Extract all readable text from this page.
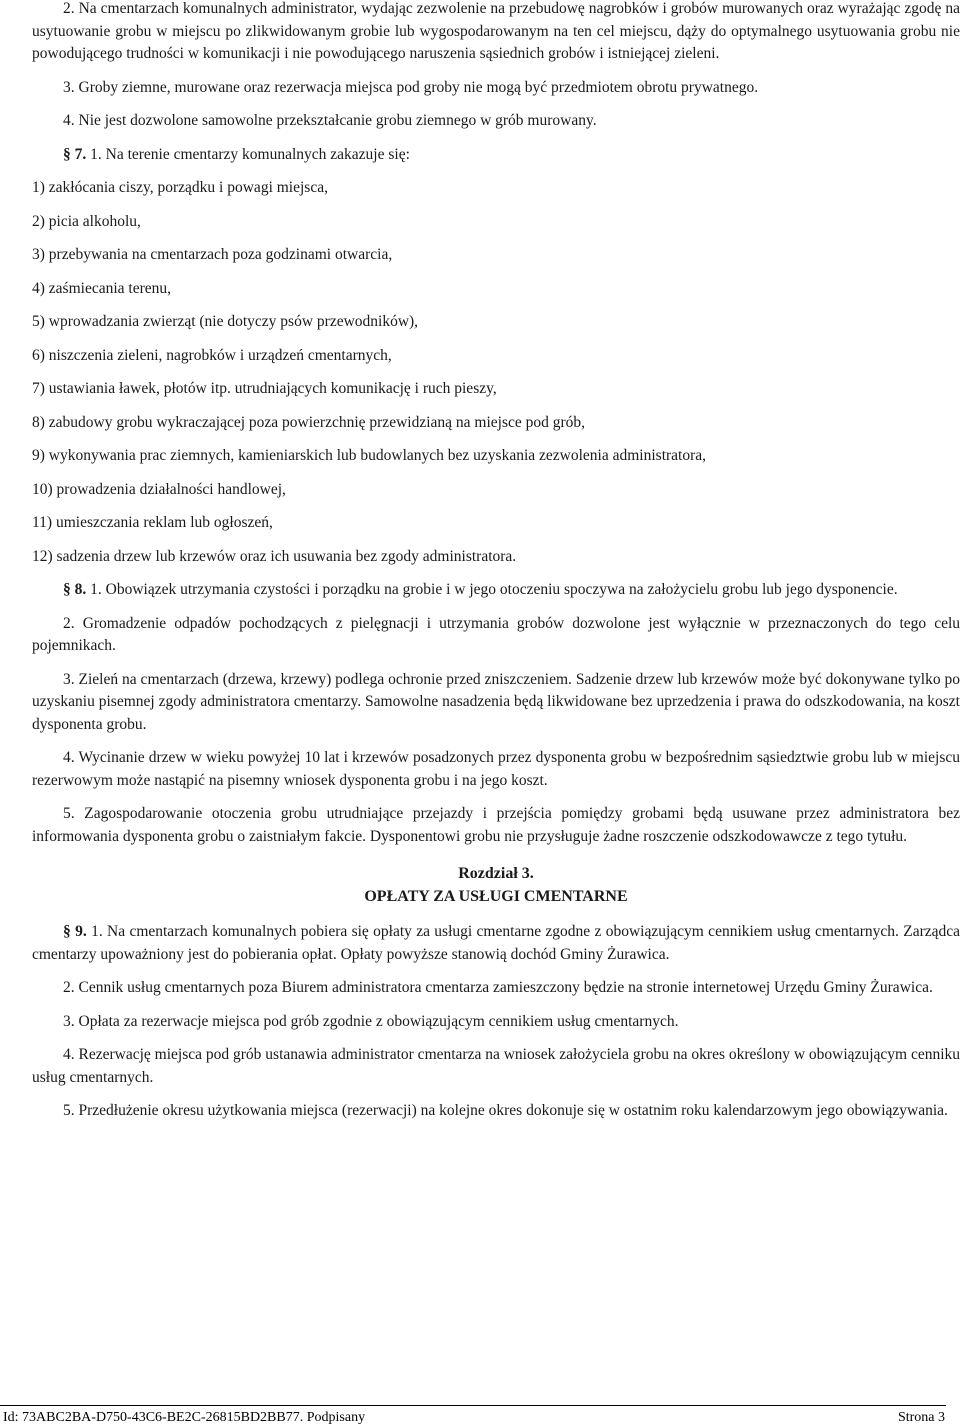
2. Na cmentarzach komunalnych administrator, wydając zezwolenie na przebudowę nagrobków i grobów murowanych oraz wyrażając zgodę na usytuowanie grobu w miejscu po zlikwidowanym grobie lub wygospodarowanym na ten cel miejscu, dąży do optymalnego usytuowania grobu nie powodującego trudności w komunikacji i nie powodującego naruszenia sąsiednich grobów i istniejącej zieleni.

3. Groby ziemne, murowane oraz rezerwacja miejsca pod groby nie mogą być przedmiotem obrotu prywatnego.

4. Nie jest dozwolone samowolne przekształcanie grobu ziemnego w grób murowany.

§ 7. 1. Na terenie cmentarzy komunalnych zakazuje się:

1) zakłócania ciszy, porządku i powagi miejsca,

2) picia alkoholu,

3) przebywania na cmentarzach poza godzinami otwarcia,

4) zaśmiecania terenu,

5) wprowadzania zwierząt (nie dotyczy psów przewodników),

6) niszczenia zieleni, nagrobków i urządzeń cmentarnych,

7) ustawiania ławek, płotów itp. utrudniających komunikację i ruch pieszy,

8) zabudowy grobu wykraczającej poza powierzchnię przewidzianą na miejsce pod grób,

9) wykonywania prac ziemnych, kamieniarskich lub budowlanych bez uzyskania zezwolenia administratora,

10) prowadzenia działalności handlowej,

11) umieszczania reklam lub ogłoszeń,

12) sadzenia drzew lub krzewów oraz ich usuwania bez zgody administratora.

§ 8. 1. Obowiązek utrzymania czystości i porządku na grobie i w jego otoczeniu spoczywa na założycielu grobu lub jego dysponencie.

2. Gromadzenie odpadów pochodzących z pielęgnacji i utrzymania grobów dozwolone jest wyłącznie w przeznaczonych do tego celu pojemnikach.

3. Zieleń na cmentarzach (drzewa, krzewy) podlega ochronie przed zniszczeniem. Sadzenie drzew lub krzewów może być dokonywane tylko po uzyskaniu pisemnej zgody administratora cmentarzy. Samowolne nasadzenia będą likwidowane bez uprzedzenia i prawa do odszkodowania, na koszt dysponenta grobu.

4. Wycinanie drzew w wieku powyżej 10 lat i krzewów posadzonych przez dysponenta grobu w bezpośrednim sąsiedztwie grobu lub w miejscu rezerwowym może nastąpić na pisemny wniosek dysponenta grobu i na jego koszt.

5. Zagospodarowanie otoczenia grobu utrudniające przejazdy i przejścia pomiędzy grobami będą usuwane przez administratora bez informowania dysponenta grobu o zaistniałym fakcie. Dysponentowi grobu nie przysługuje żadne roszczenie odszkodowawcze z tego tytułu.

Rozdział 3.

OPŁATY ZA USŁUGI CMENTARNE

§ 9. 1. Na cmentarzach komunalnych pobiera się opłaty za usługi cmentarne zgodne z obowiązującym cennikiem usług cmentarnych. Zarządca cmentarzy upoważniony jest do pobierania opłat. Opłaty powyższe stanowią dochód Gminy Żurawica.

2. Cennik usług cmentarnych poza Biurem administratora cmentarza zamieszczony będzie na stronie internetowej Urzędu Gminy Żurawica.

3. Opłata za rezerwacje miejsca pod grób zgodnie z obowiązującym cennikiem usług cmentarnych.

4. Rezerwację miejsca pod grób ustanawia administrator cmentarza na wniosek założyciela grobu na okres określony w obowiązującym cenniku usług cmentarnych.

5. Przedłużenie okresu użytkowania miejsca (rezerwacji) na kolejne okres dokonuje się w ostatnim roku kalendarzowym jego obowiązywania.

Id: 73ABC2BA-D750-43C6-BE2C-26815BD2BB77. Podpisany	Strona 3
